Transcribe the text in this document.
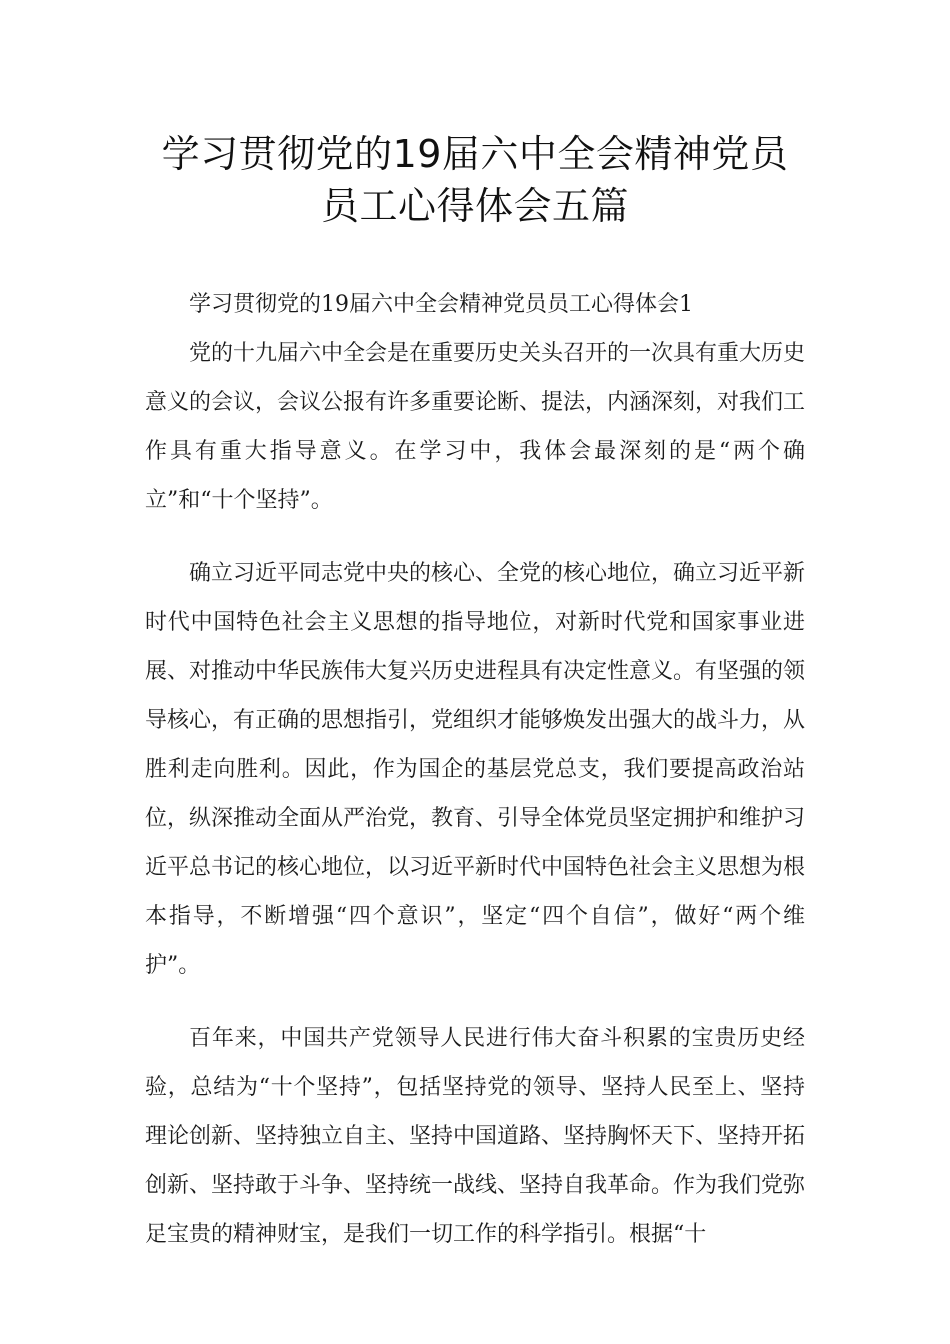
学习贯彻党的19届六中全会精神党员
员工心得体会五篇

学习贯彻党的19届六中全会精神党员员工心得体会1

党的十九届六中全会是在重要历史关头召开的一次具有重大历史意义的会议，会议公报有许多重要论断、提法，内涵深刻，对我们工作具有重大指导意义。在学习中，我体会最深刻的是“两个确立”和“十个坚持”。

确立习近平同志党中央的核心、全党的核心地位，确立习近平新时代中国特色社会主义思想的指导地位，对新时代党和国家事业进展、对推动中华民族伟大复兴历史进程具有决定性意义。有坚强的领导核心，有正确的思想指引，党组织才能够焕发出强大的战斗力，从胜利走向胜利。因此，作为国企的基层党总支，我们要提高政治站位，纵深推动全面从严治党，教育、引导全体党员坚定拥护和维护习近平总书记的核心地位，以习近平新时代中国特色社会主义思想为根本指导，不断增强“四个意识”，坚定“四个自信”，做好“两个维护”。

百年来，中国共产党领导人民进行伟大奋斗积累的宝贵历史经验，总结为“十个坚持”，包括坚持党的领导、坚持人民至上、坚持理论创新、坚持独立自主、坚持中国道路、坚持胸怀天下、坚持开拓创新、坚持敢于斗争、坚持统一战线、坚持自我革命。作为我们党弥足宝贵的精神财宝，是我们一切工作的科学指引。根据“十
